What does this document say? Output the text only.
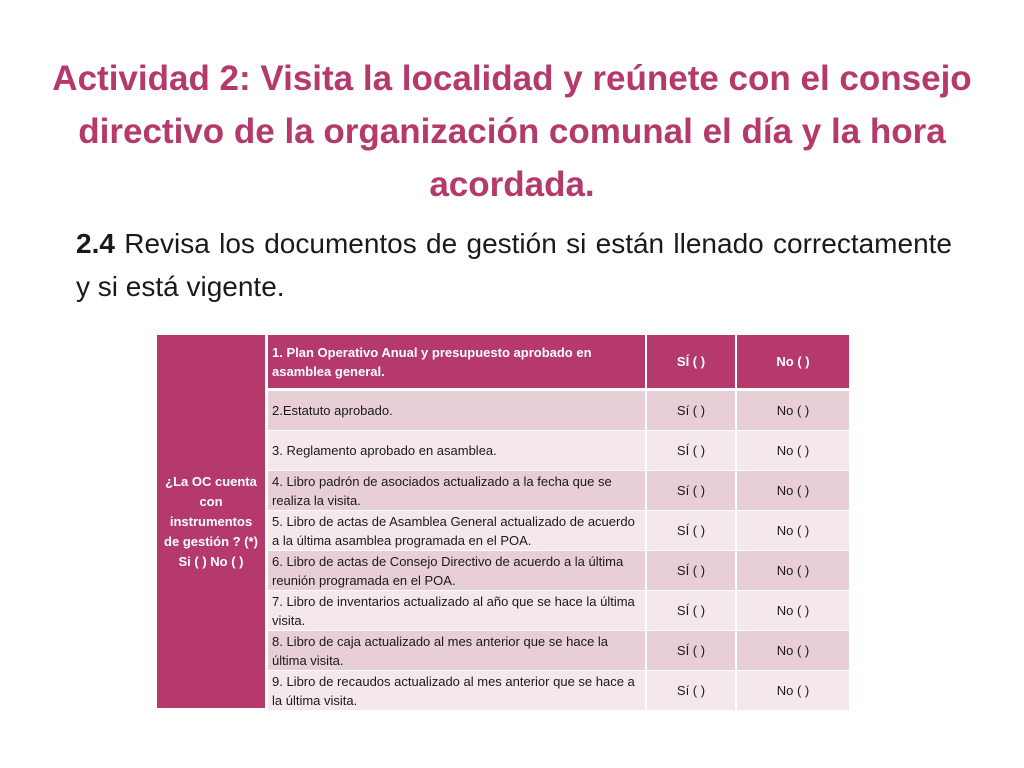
Actividad 2: Visita la localidad y reúnete con el consejo directivo de la organización comunal el día y la hora acordada.
2.4 Revisa los documentos de gestión si están llenado correctamente y si está vigente.
¿La OC cuenta con instrumentos de gestión ? (*) Si ( ) No ( )	1. Plan Operativo Anual y presupuesto aprobado en asamblea general.	SÍ ( )	No ( )
	2.Estatuto aprobado.	Sí ( )	No ( )
	3. Reglamento aprobado en asamblea.	SÍ ( )	No ( )
	4. Libro padrón de asociados actualizado a la fecha que se realiza la visita.	Sí ( )	No ( )
	5. Libro de actas de Asamblea General actualizado de acuerdo a la última asamblea programada en el POA.	SÍ ( )	No ( )
	6. Libro de actas de Consejo Directivo de acuerdo a la última reunión programada en el POA.	SÍ ( )	No ( )
	7. Libro de inventarios actualizado al año que se hace la última visita.	SÍ ( )	No ( )
	8. Libro de caja actualizado al mes anterior que se hace la última visita.	SÍ ( )	No ( )
	9. Libro de recaudos actualizado al mes anterior que se hace a la última visita.	Sí ( )	No ( )
